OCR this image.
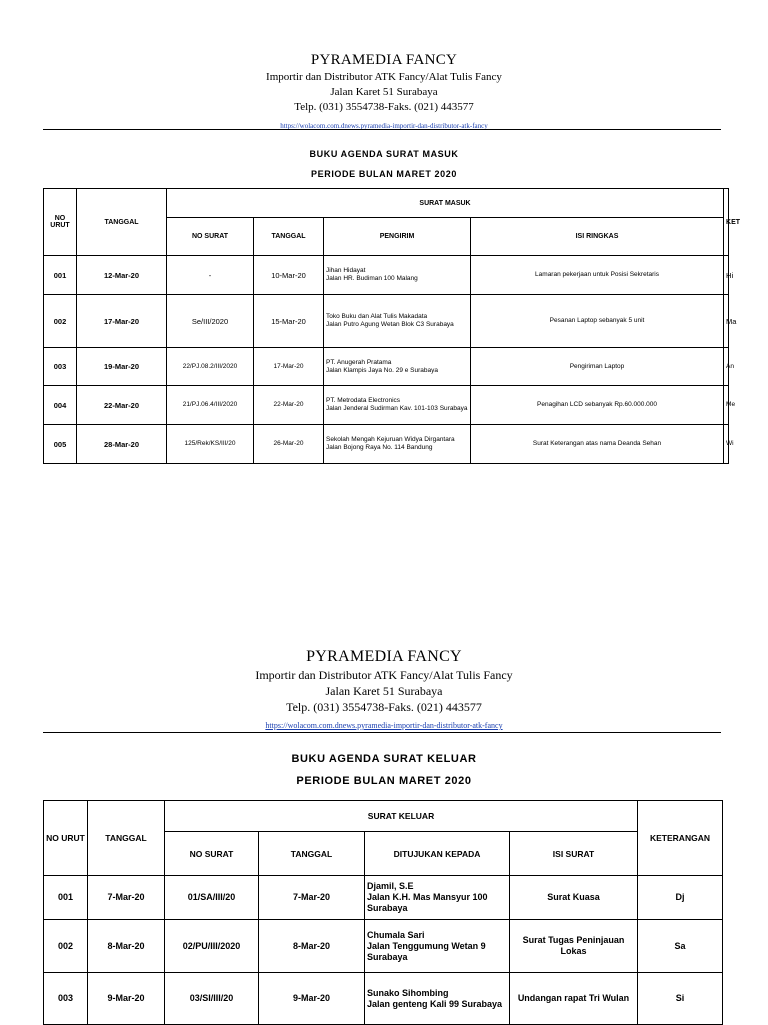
PYRAMEDIA FANCY
Importir dan Distributor ATK Fancy/Alat Tulis Fancy
Jalan Karet 51 Surabaya
Telp. (031) 3554738-Faks. (021) 443577
https://wolacom.com.dnews.pyramedia-importir-dan-distributor-atk-fancy
BUKU AGENDA SURAT MASUK
PERIODE BULAN MARET 2020
NO URUT	TANGGAL	SURAT MASUK				KET
		NO SURAT	TANGGAL	PENGIRIM	ISI RINGKAS	
001	12-Mar-20	-	10-Mar-20	Jihan Hidayat
Jalan HR. Budiman 100 Malang	Lamaran pekerjaan untuk Posisi Sekretaris	Hi
002	17-Mar-20	Se/III/2020	15-Mar-20	Toko Buku dan Alat Tulis Makadata
Jalan Putro Agung Wetan Blok C3 Surabaya	Pesanan Laptop sebanyak 5 unit	Ma
003	19-Mar-20	22/PJ.08.2/III/2020	17-Mar-20	PT. Anugerah Pratama
Jalan Klampis Jaya No. 29 e Surabaya	Pengiriman Laptop	An
004	22-Mar-20	21/PJ.06.4/III/2020	22-Mar-20	PT. Metrodata Electronics
Jalan Jenderal Sudirman Kav. 101-103 Surabaya	Penagihan LCD sebanyak Rp.60.000.000	Me
005	28-Mar-20	125/Rek/KS/III/20	26-Mar-20	Sekolah Mengah Kejuruan Widya Dirgantara
Jalan Bojong Raya No. 114 Bandung	Surat Keterangan atas nama Deanda Sehan	Wi
PYRAMEDIA FANCY
Importir dan Distributor ATK Fancy/Alat Tulis Fancy
Jalan Karet 51 Surabaya
Telp. (031) 3554738-Faks. (021) 443577
https://wolacom.com.dnews.pyramedia-importir-dan-distributor-atk-fancy
BUKU AGENDA SURAT KELUAR
PERIODE BULAN MARET 2020
NO URUT	TANGGAL	SURAT KELUAR				KETERANGAN
		NO SURAT	TANGGAL	DITUJUKAN KEPADA	ISI SURAT	
001	7-Mar-20	01/SA/III/20	7-Mar-20	Djamil, S.E
Jalan K.H. Mas Mansyur 100 Surabaya	Surat Kuasa	Dj
002	8-Mar-20	02/PU/III/2020	8-Mar-20	Chumala Sari
Jalan Tenggumung Wetan 9 Surabaya	Surat Tugas Peninjauan Lokas	Sa
003	9-Mar-20	03/SI/III/20	9-Mar-20	Sunako Sihombing
Jalan genteng Kali 99 Surabaya	Undangan rapat Tri Wulan	Si
